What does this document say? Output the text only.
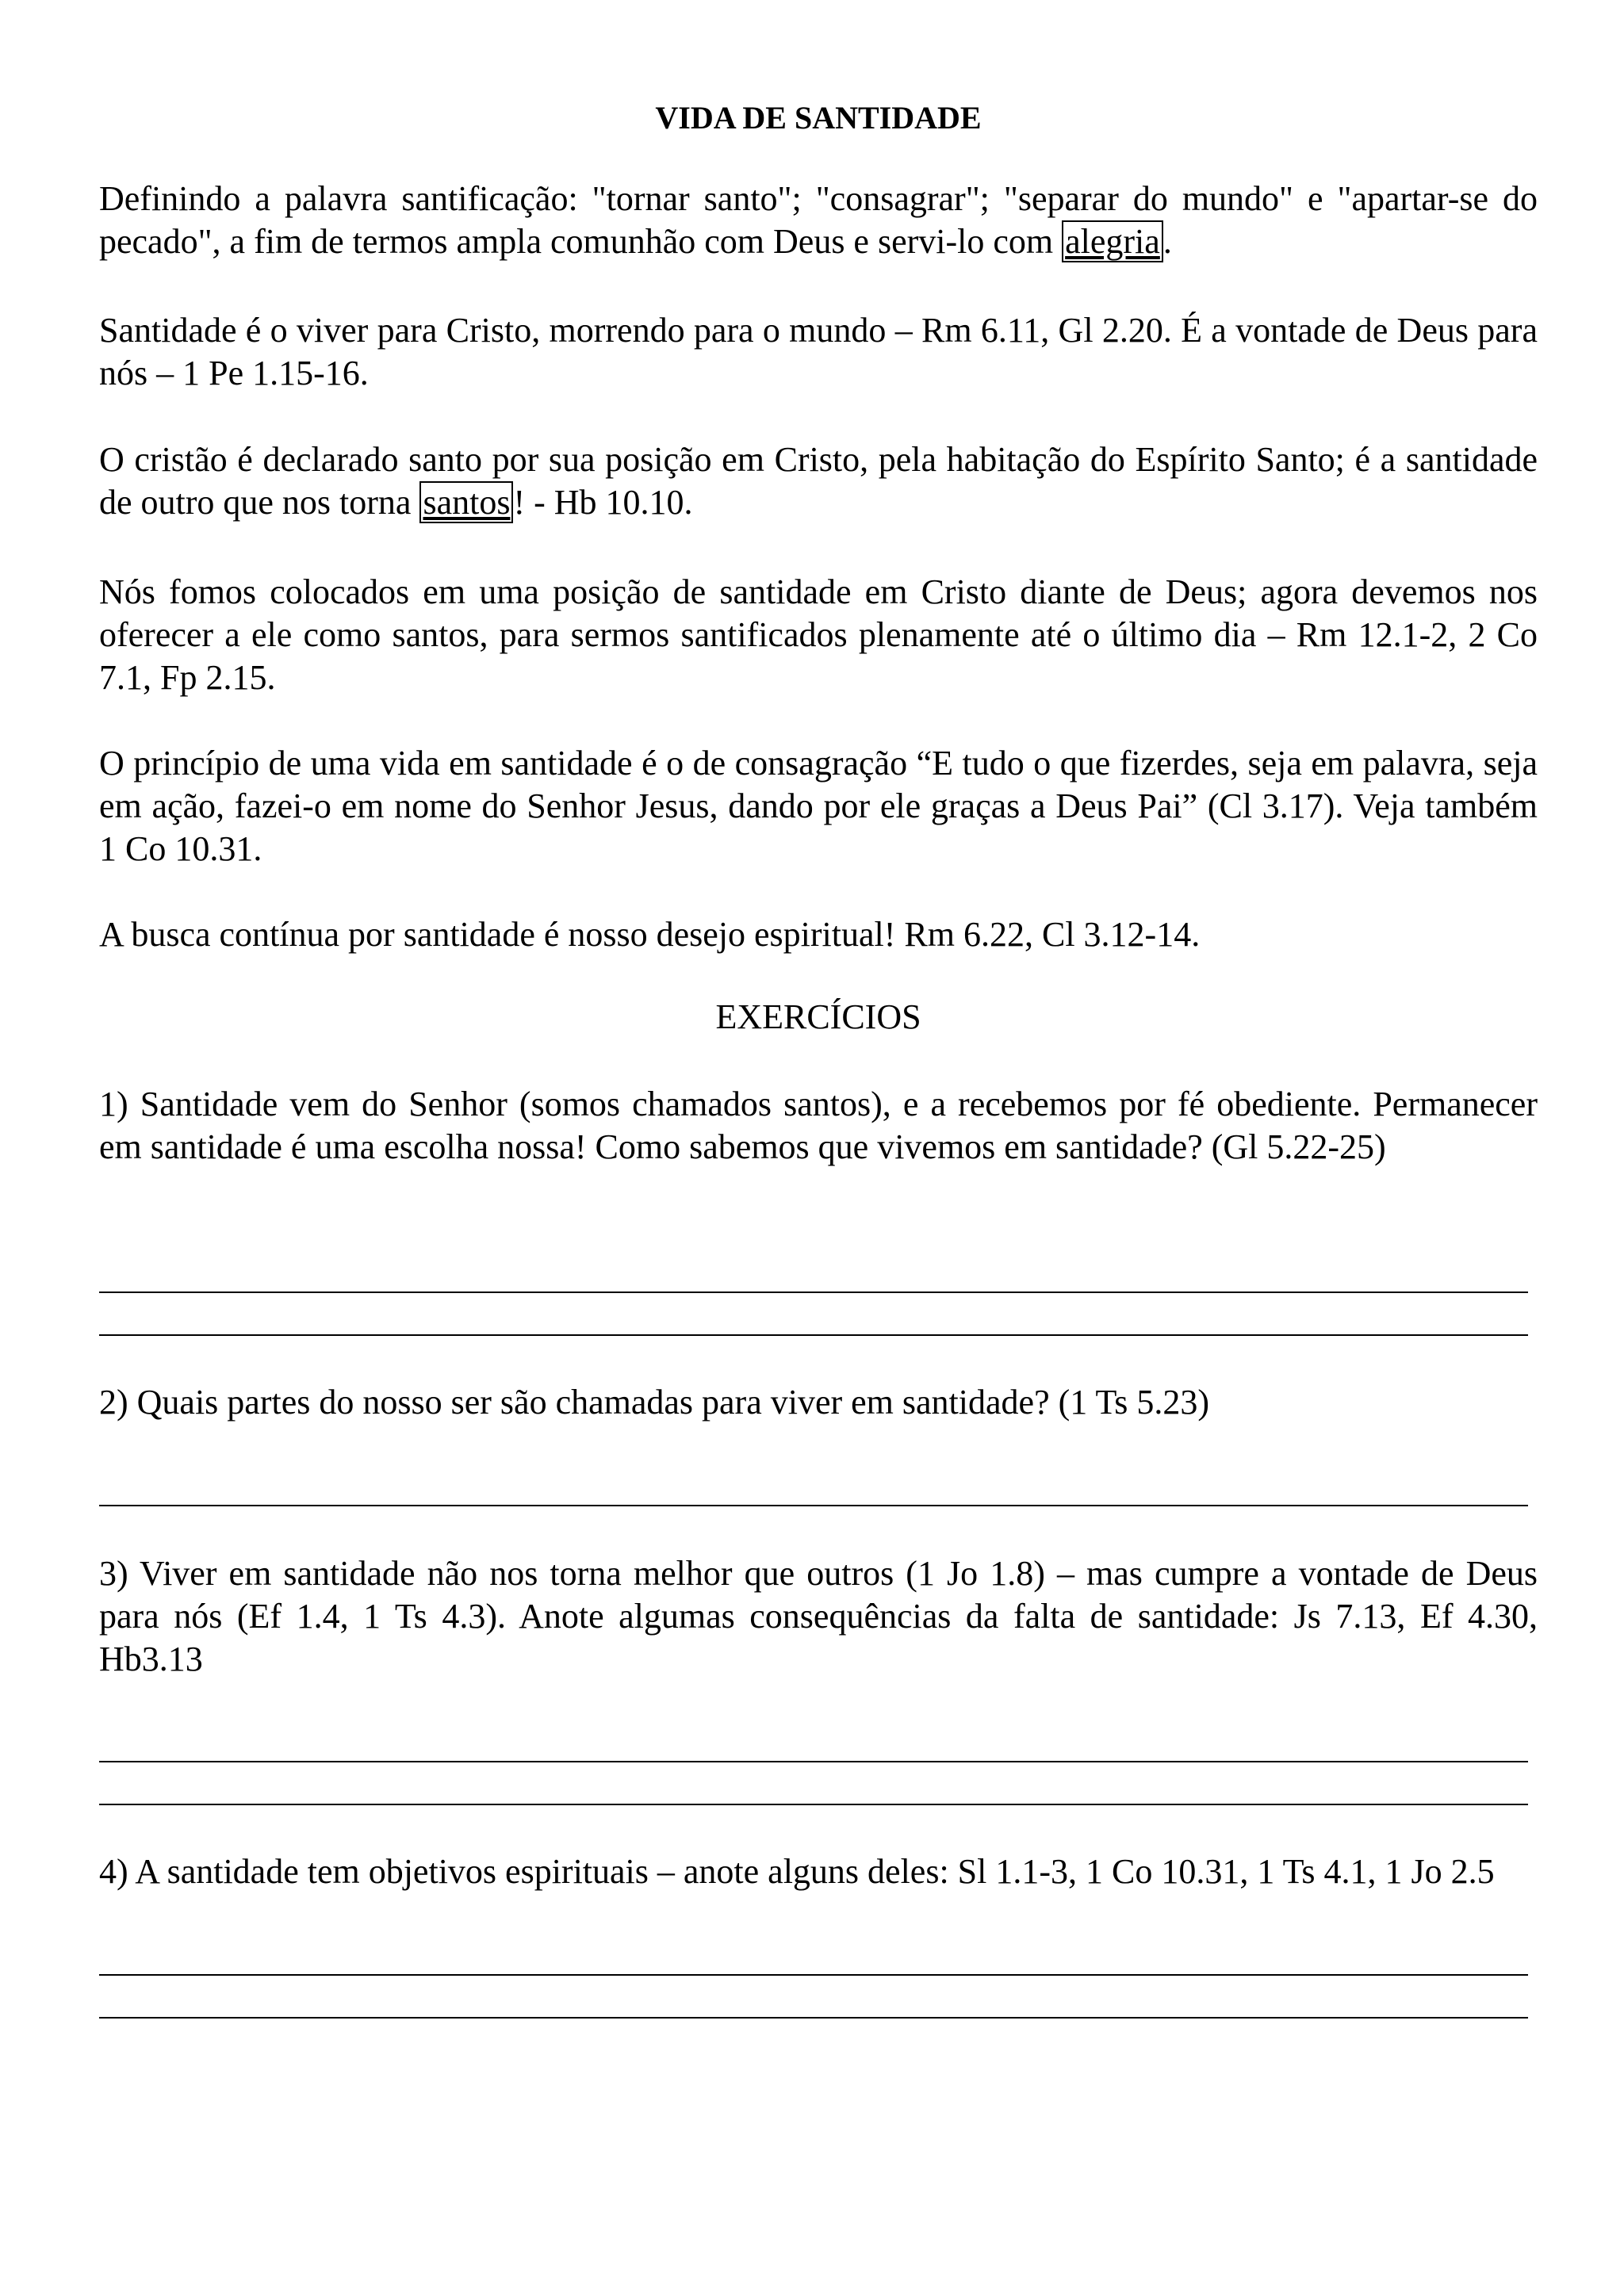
VIDA DE SANTIDADE

Definindo a palavra santificação: "tornar santo"; "consagrar"; "separar do mundo" e "apartar-se do pecado", a fim de termos ampla comunhão com Deus e servi-lo com alegria.

Santidade é o viver para Cristo, morrendo para o mundo – Rm 6.11, Gl 2.20. É a vontade de Deus para nós – 1 Pe 1.15-16.

O cristão é declarado santo por sua posição em Cristo, pela habitação do Espírito Santo; é a santidade de outro que nos torna santos! - Hb 10.10.

Nós fomos colocados em uma posição de santidade em Cristo diante de Deus; agora devemos nos oferecer a ele como santos, para sermos santificados plenamente até o último dia – Rm 12.1-2, 2 Co 7.1, Fp 2.15.

O princípio de uma vida em santidade é o de consagração “E tudo o que fizerdes, seja em palavra, seja em ação, fazei-o em nome do Senhor Jesus, dando por ele graças a Deus Pai” (Cl 3.17). Veja também 1 Co 10.31.

A busca contínua por santidade é nosso desejo espiritual! Rm 6.22, Cl 3.12-14.

EXERCÍCIOS

1) Santidade vem do Senhor (somos chamados santos), e a recebemos por fé obediente. Permanecer em santidade é uma escolha nossa! Como sabemos que vivemos em santidade? (Gl 5.22-25)

2) Quais partes do nosso ser são chamadas para viver em santidade? (1 Ts 5.23)

3) Viver em santidade não nos torna melhor que outros (1 Jo 1.8) – mas cumpre a vontade de Deus para nós (Ef 1.4, 1 Ts 4.3). Anote algumas consequências da falta de santidade: Js 7.13, Ef 4.30, Hb3.13

4) A santidade tem objetivos espirituais – anote alguns deles: Sl 1.1-3, 1 Co 10.31, 1 Ts 4.1, 1 Jo 2.5
